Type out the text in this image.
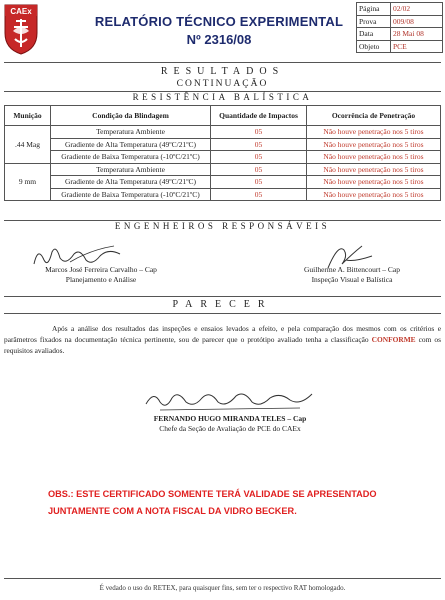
CAEx
RELATÓRIO TÉCNICO EXPERIMENTAL
Nº 2316/08
Página	02/02
Prova	009/08
Data	28 Mai 08
Objeto	PCE
RESULTADOS
CONTINUAÇÃO
RESISTÊNCIA BALÍSTICA
Munição	Condição da Blindagem	Quantidade de Impactos	Ocorrência de Penetração
.44 Mag	Temperatura Ambiente	05	Não houve penetração nos 5 tiros
	Gradiente de Alta Temperatura (49ºC/21ºC)	05	Não houve penetração nos 5 tiros
	Gradiente de Baixa Temperatura (-10ºC/21ºC)	05	Não houve penetração nos 5 tiros
9 mm	Temperatura Ambiente	05	Não houve penetração nos 5 tiros
	Gradiente de Alta Temperatura (49ºC/21ºC)	05	Não houve penetração nos 5 tiros
	Gradiente de Baixa Temperatura (-10ºC/21ºC)	05	Não houve penetração nos 5 tiros
ENGENHEIROS RESPONSÁVEIS
Marcos José Ferreira Carvalho – Cap
Planejamento e Análise
Guilherme A. Bittencourt – Cap
Inspeção Visual e Balística
PARECER
Após a análise dos resultados das inspeções e ensaios levados a efeito, e pela comparação dos mesmos com os critérios e parâmetros fixados na documentação técnica pertinente, sou de parecer que o protótipo avaliado tenha a classificação CONFORME com os requisitos avaliados.
FERNANDO HUGO MIRANDA TELES – Cap
Chefe da Seção de Avaliação de PCE do CAEx
OBS.: ESTE CERTIFICADO SOMENTE TERÁ VALIDADE SE APRESENTADO
JUNTAMENTE COM A NOTA FISCAL DA VIDRO BECKER.
É vedado o uso do RETEX, para quaisquer fins, sem ter o respectivo RAT homologado.
